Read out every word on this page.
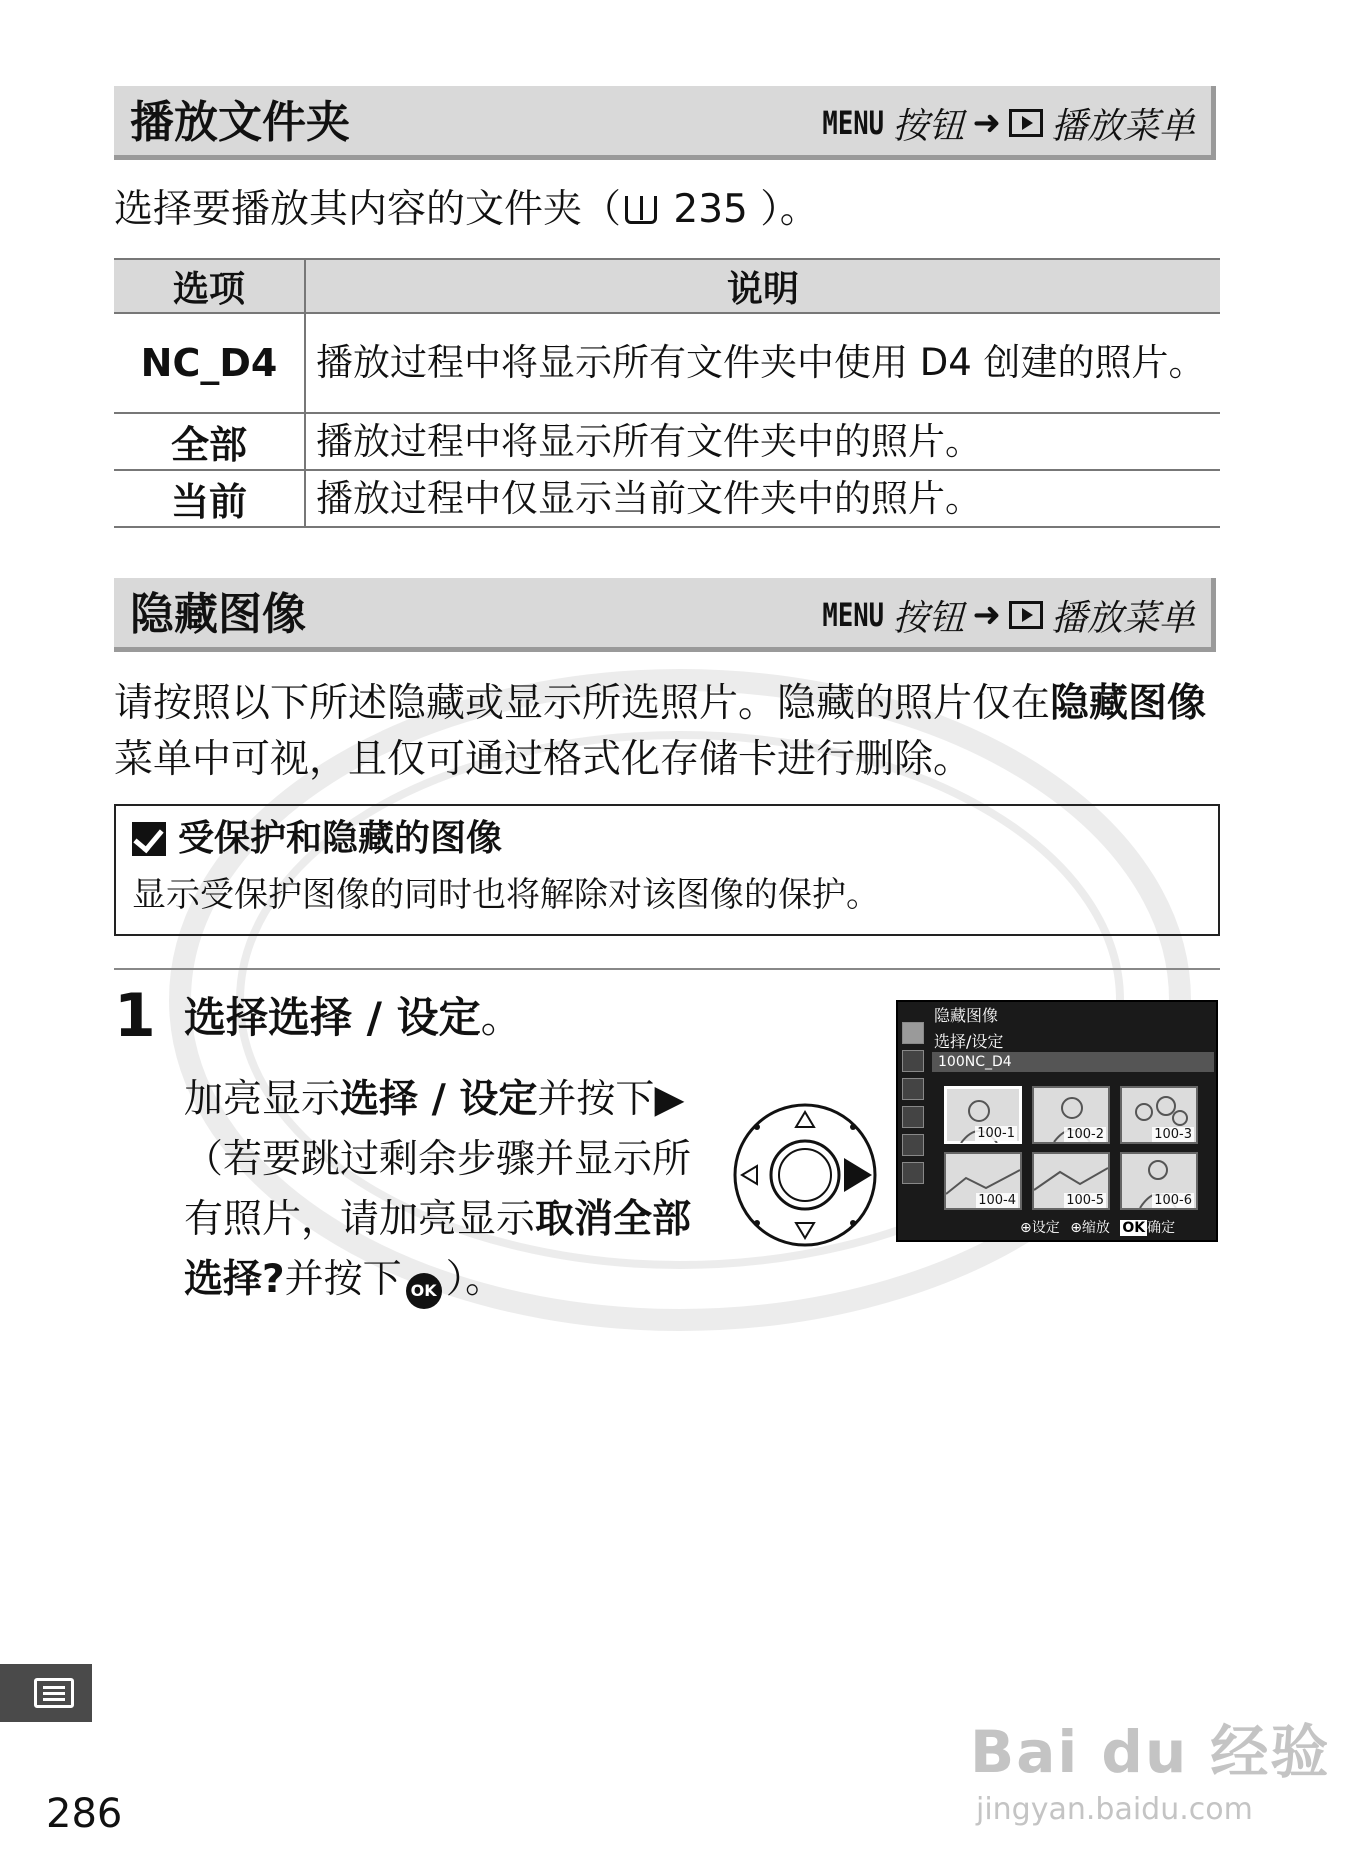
播放文件夹	MENU 按钮 ➜ 播放菜单
选择要播放其内容的文件夹（
235 ）。
选项	说明
NC_D4	播放过程中将显示所有文件夹中使用 D4 创建的照片。
全部	播放过程中将显示所有文件夹中的照片。
当前	播放过程中仅显示当前文件夹中的照片。
隐藏图像	MENU 按钮 ➜ 播放菜单
请按照以下所述隐藏或显示所选照片。隐藏的照片仅在隐藏图像菜单中可视，且仅可通过格式化存储卡进行删除。
受保护和隐藏的图像
显示受保护图像的同时也将解除对该图像的保护。
1 选择选择 / 设定。
加亮显示选择 / 设定并按下▶（若要跳过剩余步骤并显示所有照片，请加亮显示取消全部选择?并按下 OK ）。
隐藏图像
选择/设定
100NC_D4
100-1	100-2	100-3
100-4	100-5	100-6
⊕设定 ⊕缩放 OK 确定
286
Bai du 经验
jingyan.baidu.com
